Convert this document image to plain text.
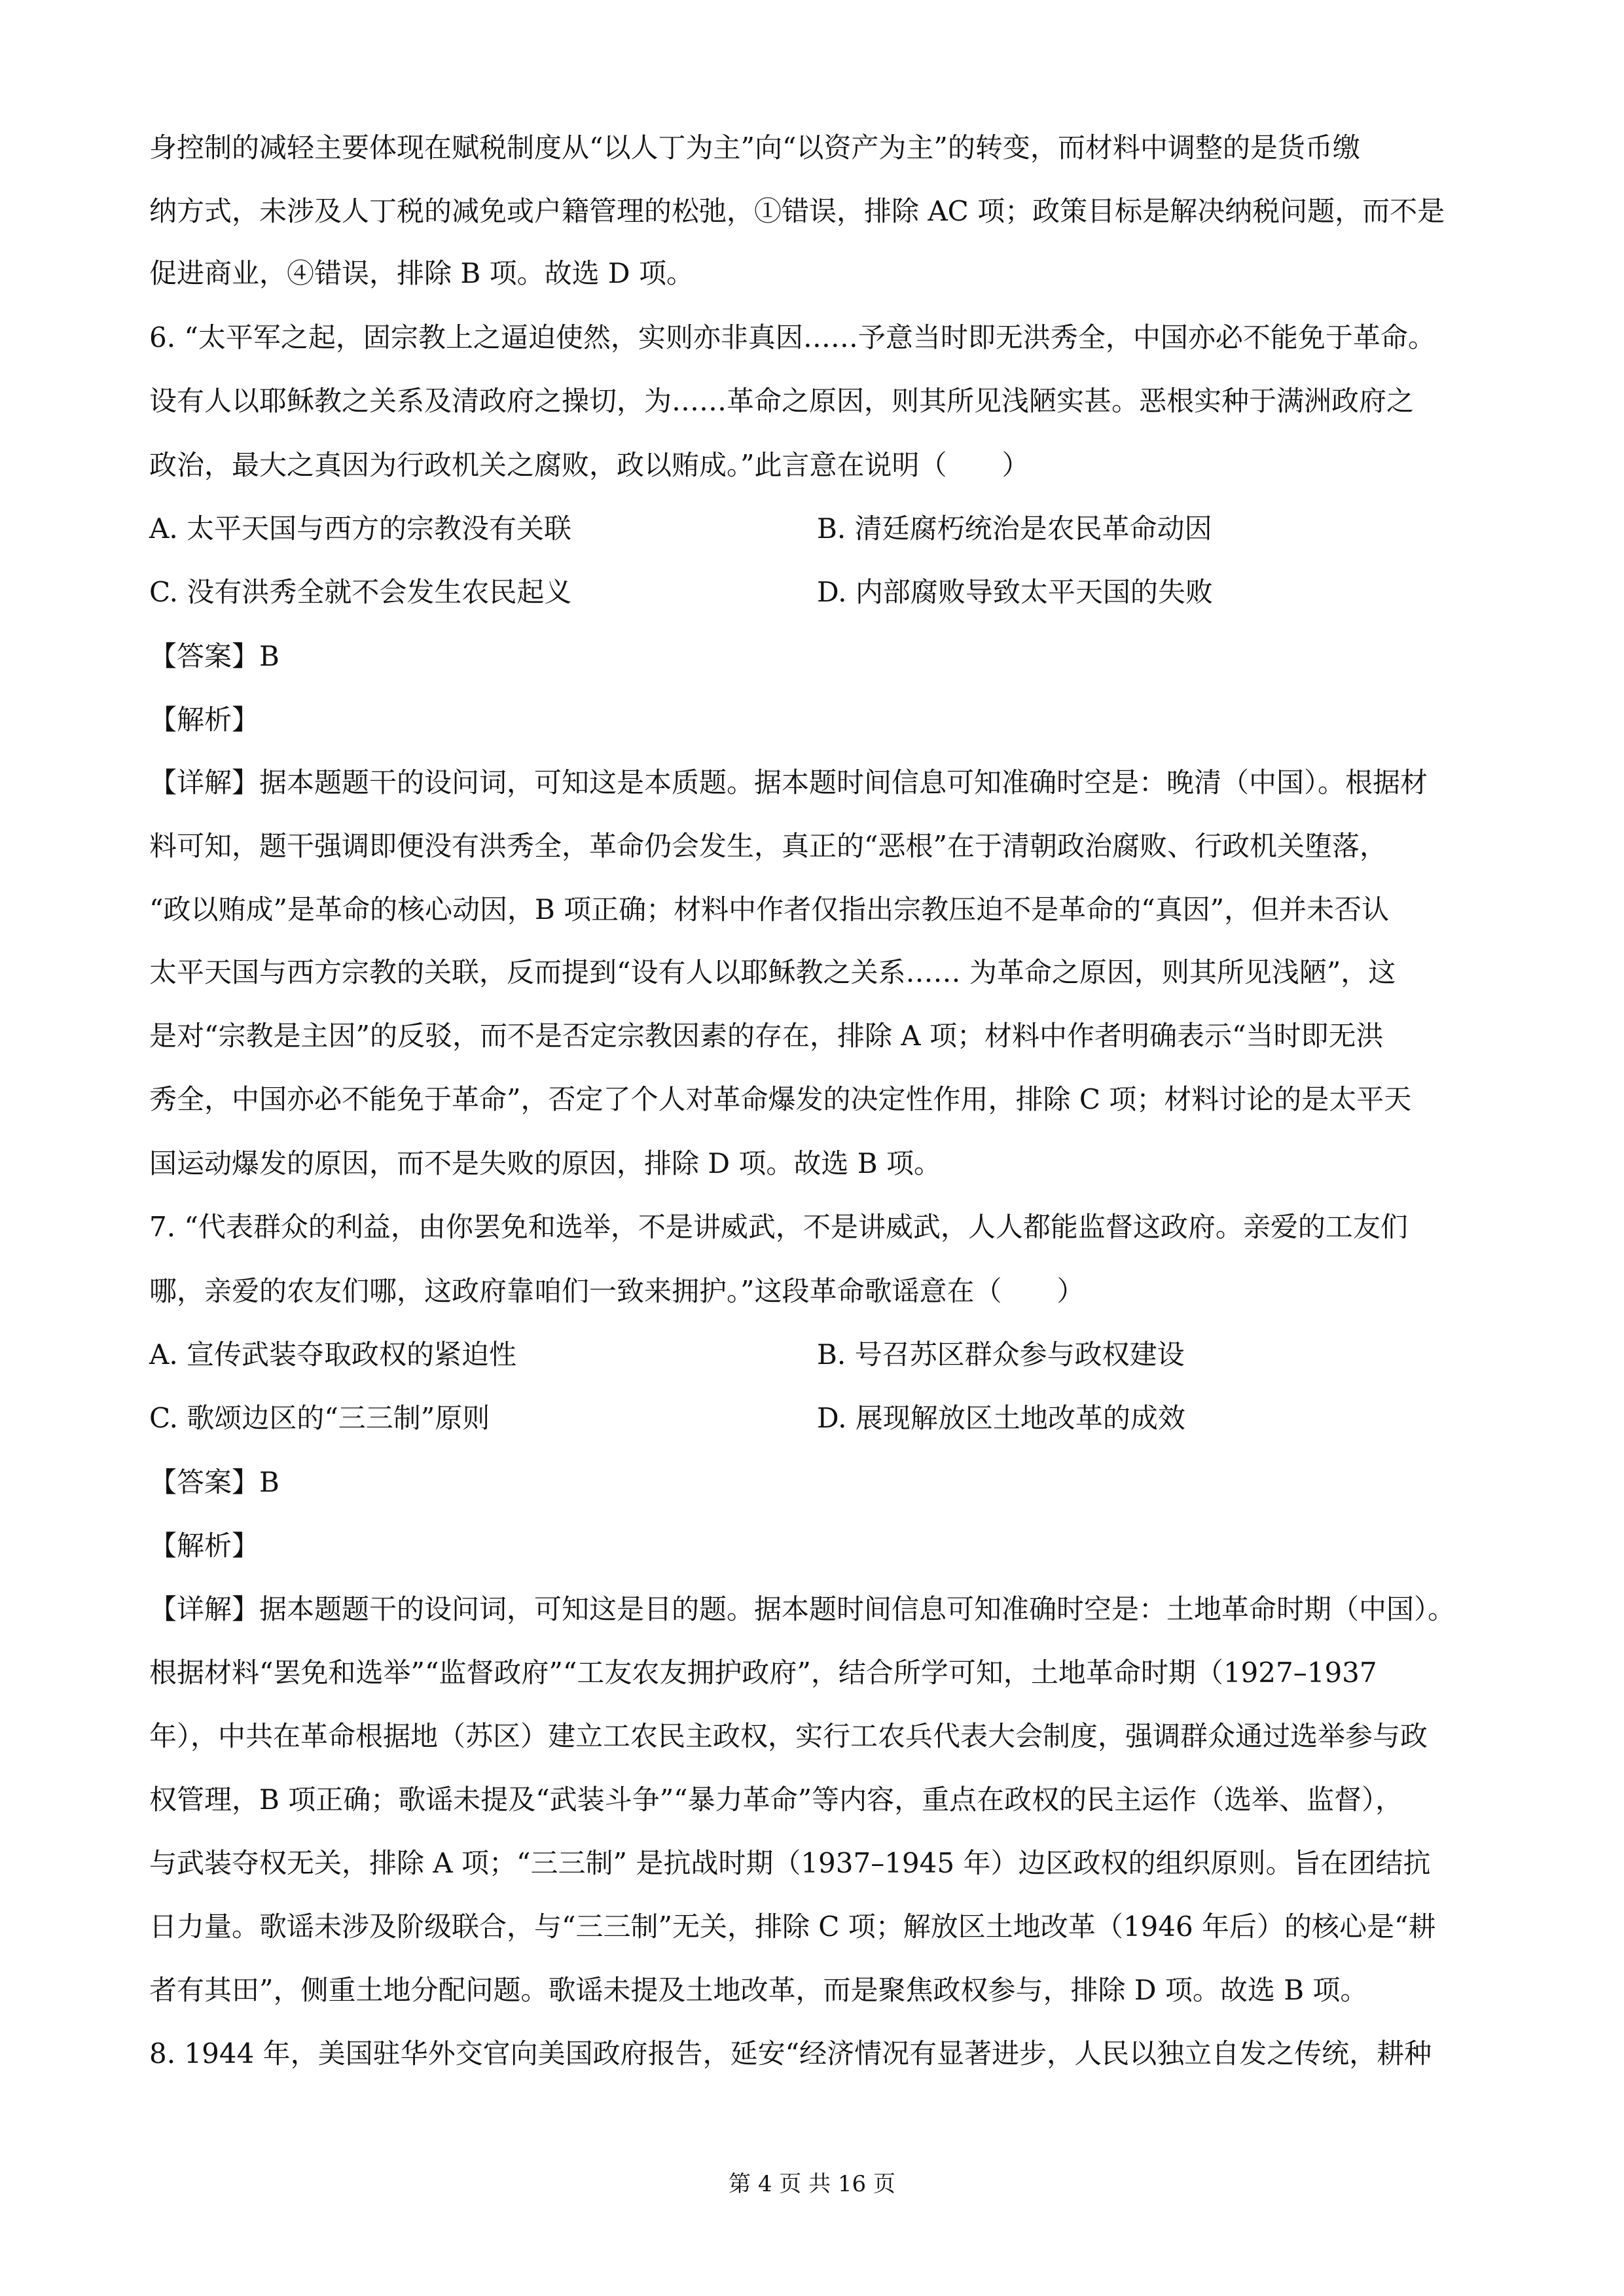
身控制的减轻主要体现在赋税制度从“以人丁为主”向“以资产为主”的转变，而材料中调整的是货币缴
纳方式，未涉及人丁税的减免或户籍管理的松弛，①错误，排除 AC 项；政策目标是解决纳税问题，而不是
促进商业，④错误，排除 B 项。故选 D 项。
6. “太平军之起，固宗教上之逼迫使然，实则亦非真因……予意当时即无洪秀全，中国亦必不能免于革命。
设有人以耶稣教之关系及清政府之操切，为……革命之原因，则其所见浅陋实甚。恶根实种于满洲政府之
政治，最大之真因为行政机关之腐败，政以贿成。”此言意在说明（　　）
A. 太平天国与西方的宗教没有关联	B. 清廷腐朽统治是农民革命动因
C. 没有洪秀全就不会发生农民起义	D. 内部腐败导致太平天国的失败
【答案】B
【解析】
【详解】据本题题干的设问词，可知这是本质题。据本题时间信息可知准确时空是：晚清（中国）。根据材
料可知，题干强调即便没有洪秀全，革命仍会发生，真正的“恶根”在于清朝政治腐败、行政机关堕落，
“政以贿成”是革命的核心动因，B 项正确；材料中作者仅指出宗教压迫不是革命的“真因”，但并未否认
太平天国与西方宗教的关联，反而提到“设有人以耶稣教之关系…… 为革命之原因，则其所见浅陋”，这
是对“宗教是主因”的反驳，而不是否定宗教因素的存在，排除 A 项；材料中作者明确表示“当时即无洪
秀全，中国亦必不能免于革命”，否定了个人对革命爆发的决定性作用，排除 C 项；材料讨论的是太平天
国运动爆发的原因，而不是失败的原因，排除 D 项。故选 B 项。
7. “代表群众的利益，由你罢免和选举，不是讲威武，不是讲威武，人人都能监督这政府。亲爱的工友们
哪，亲爱的农友们哪，这政府靠咱们一致来拥护。”这段革命歌谣意在（　　）
A. 宣传武装夺取政权的紧迫性	B. 号召苏区群众参与政权建设
C. 歌颂边区的“三三制”原则	D. 展现解放区土地改革的成效
【答案】B
【解析】
【详解】据本题题干的设问词，可知这是目的题。据本题时间信息可知准确时空是：土地革命时期（中国）。
根据材料“罢免和选举”“监督政府”“工友农友拥护政府”，结合所学可知，土地革命时期（1927–1937
年），中共在革命根据地（苏区）建立工农民主政权，实行工农兵代表大会制度，强调群众通过选举参与政
权管理，B 项正确；歌谣未提及“武装斗争”“暴力革命”等内容，重点在政权的民主运作（选举、监督），
与武装夺权无关，排除 A 项；“三三制” 是抗战时期（1937–1945 年）边区政权的组织原则。旨在团结抗
日力量。歌谣未涉及阶级联合，与“三三制”无关，排除 C 项；解放区土地改革（1946 年后）的核心是“耕
者有其田”，侧重土地分配问题。歌谣未提及土地改革，而是聚焦政权参与，排除 D 项。故选 B 项。
8. 1944 年，美国驻华外交官向美国政府报告，延安“经济情况有显著进步，人民以独立自发之传统，耕种
第 4 页 共 16 页
